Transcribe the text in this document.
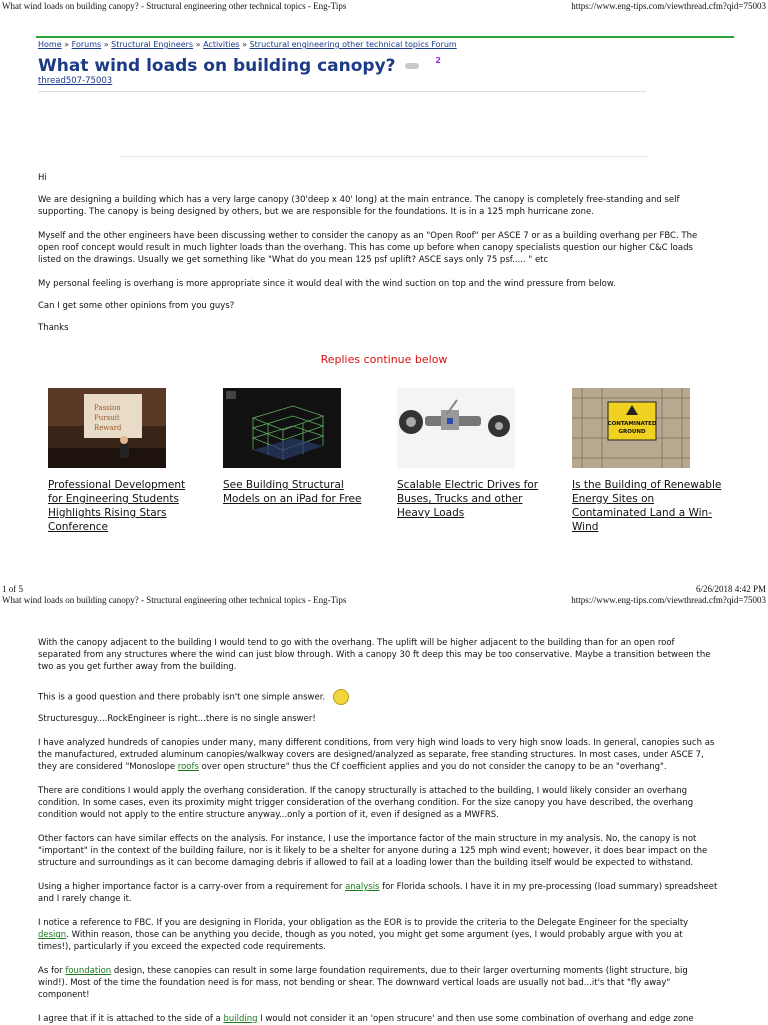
What wind loads on building canopy? - Structural engineering other technical topics - Eng-Tips	https://www.eng-tips.com/viewthread.cfm?qid=75003
Home » Forums » Structural Engineers » Activities » Structural engineering other technical topics Forum
What wind loads on building canopy?	$^2$
thread507-75003

Hi

We are designing a building which has a very large canopy (30'deep x 40' long) at the main entrance. The canopy is completely free-standing and self supporting. The canopy is being designed by others, but we are responsible for the foundations. It is in a 125 mph hurricane zone.

Myself and the other engineers have been discussing wether to consider the canopy as an "Open Roof" per ASCE 7 or as a building overhang per FBC. The open roof concept would result in much lighter loads than the overhang. This has come up before when canopy specialists question our higher C&C loads listed on the drawings. Usually we get something like "What do you mean 125 psf uplift? ASCE says only 75 psf..... " etc

My personal feeling is overhang is more appropriate since it would deal with the wind suction on top and the wind pressure from below.

Can I get some other opinions from you guys?

Thanks

Replies continue below
Passion
Pursuit
Reward	CONTAMINATED
GROUND
Professional Development for Engineering Students Highlights Rising Stars Conference
See Building Structural Models on an iPad for Free
Scalable Electric Drives for Buses, Trucks and other Heavy Loads
Is the Building of Renewable Energy Sites on Contaminated Land a Win-Wind
1 of 5	6/26/2018 4:42 PM
What wind loads on building canopy? - Structural engineering other technical topics - Eng-Tips	https://www.eng-tips.com/viewthread.cfm?qid=75003

With the canopy adjacent to the building I would tend to go with the overhang. The uplift will be higher adjacent to the building than for an open roof separated from any structures where the wind can just blow through. With a canopy 30 ft deep this may be too conservative. Maybe a transition between the two as you get further away from the building.

This is a good question and there probably isn't one simple answer.

Structuresguy....RockEngineer is right...there is no single answer!

I have analyzed hundreds of canopies under many, many different conditions, from very high wind loads to very high snow loads. In general, canopies such as the manufactured, extruded aluminum canopies/walkway covers are designed/analyzed as separate, free standing structures. In most cases, under ASCE 7, they are considered "Monoslope roofs over open structure" thus the Cf coefficient applies and you do not consider the canopy to be an "overhang".

There are conditions I would apply the overhang consideration. If the canopy structurally is attached to the building, I would likely consider an overhang condition. In some cases, even its proximity might trigger consideration of the overhang condition. For the size canopy you have described, the overhang condition would not apply to the entire structure anyway...only a portion of it, even if designed as a MWFRS.

Other factors can have similar effects on the analysis. For instance, I use the importance factor of the main structure in my analysis. No, the canopy is not "important" in the context of the building failure, nor is it likely to be a shelter for anyone during a 125 mph wind event; however, it does bear impact on the structure and surroundings as it can become damaging debris if allowed to fail at a loading lower than the building itself would be expected to withstand.

Using a higher importance factor is a carry-over from a requirement for analysis for Florida schools. I have it in my pre-processing (load summary) spreadsheet and I rarely change it.

I notice a reference to FBC. If you are designing in Florida, your obligation as the EOR is to provide the criteria to the Delegate Engineer for the specialty design. Within reason, those can be anything you decide, though as you noted, you might get some argument (yes, I would probably argue with you at times!), particularly if you exceed the expected code requirements.

As for foundation design, these canopies can result in some large foundation requirements, due to their larger overturning moments (light structure, big wind!). Most of the time the foundation need is for mass, not bending or shear. The downward vertical loads are usually not bad...it's that "fly away" component!

I agree that if it is attached to the side of a building I would not consider it an 'open strucure' and then use some combination of overhang and edge zone
